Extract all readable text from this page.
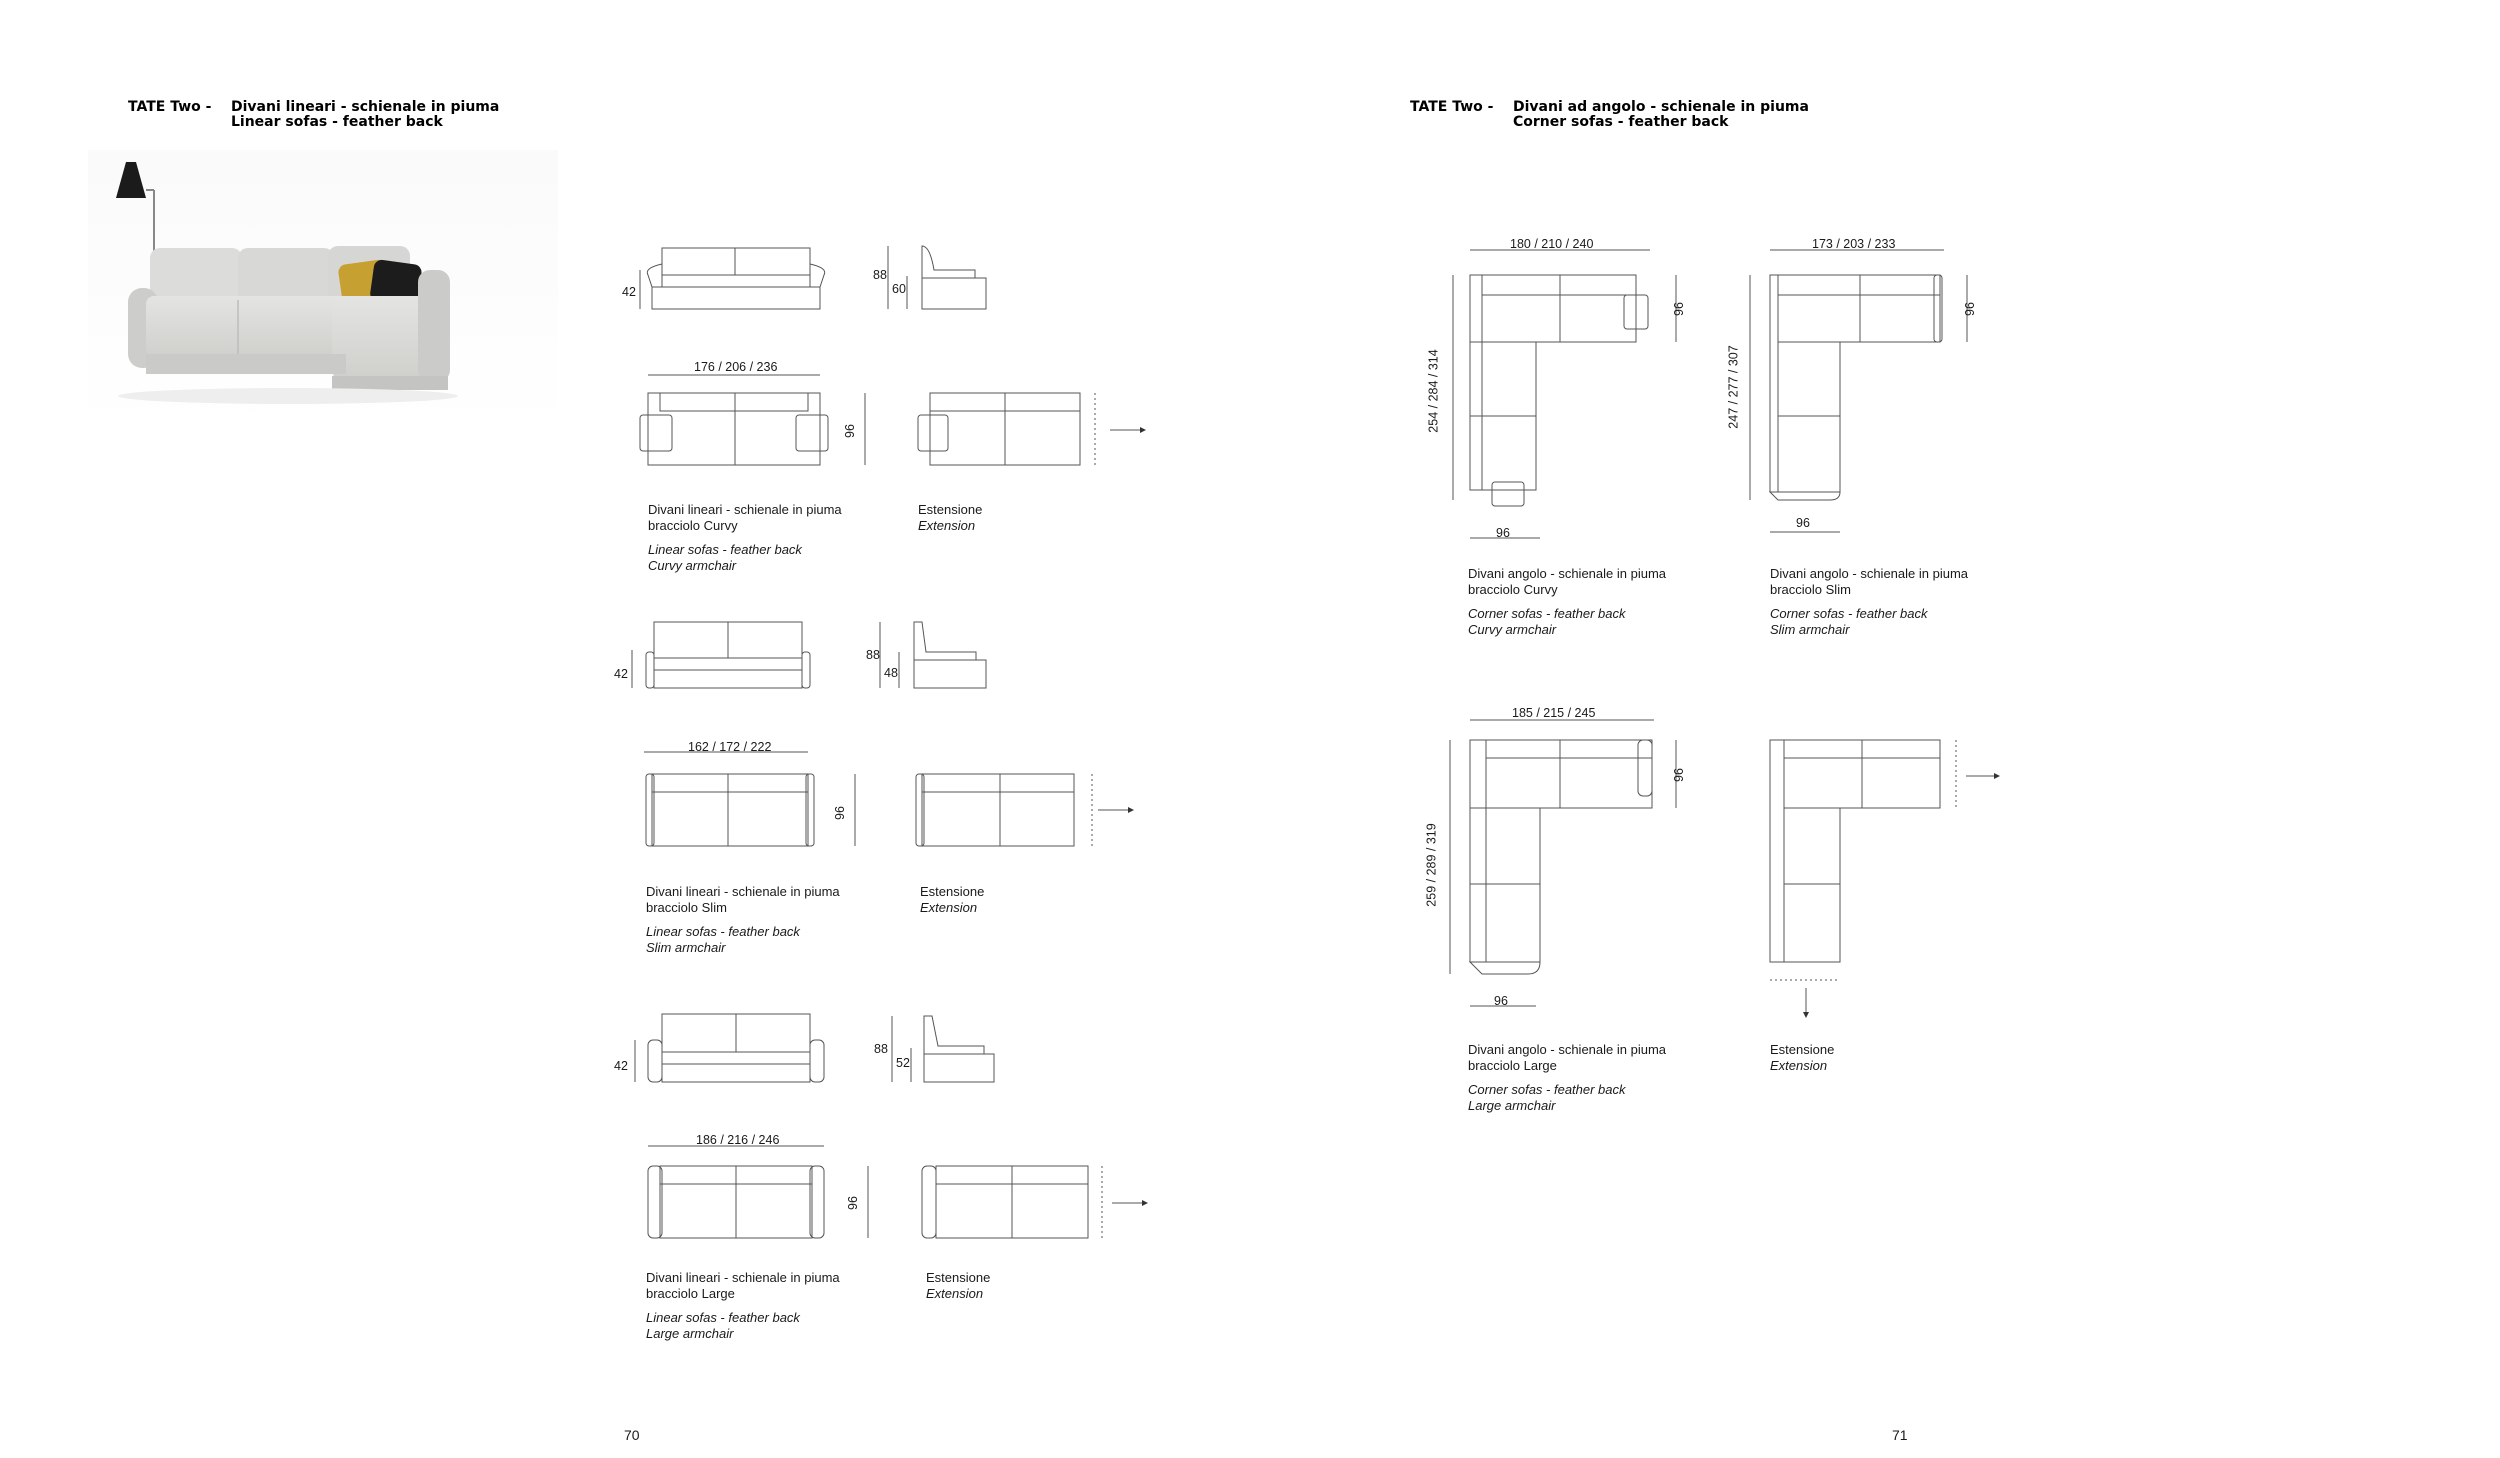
TATE Two - Divani lineari - schienale in piuma
Linear sofas - feather back
TATE Two - Divani ad angolo - schienale in piuma
Corner sofas - feather back
42
88
60
176 / 206 / 236
96
Divani lineari - schienale in piuma
bracciolo Curvy
Linear sofas - feather back
Curvy armchair
Estensione
Extension
42
88
48
162 / 172 / 222
96
Divani lineari - schienale in piuma
bracciolo Slim
Linear sofas - feather back
Slim armchair
Estensione
Extension
42
88
52
186 / 216 / 246
96
Divani lineari - schienale in piuma
bracciolo Large
Linear sofas - feather back
Large armchair
Estensione
Extension
70
180 / 210 / 240
96
254 / 284 / 314
96
Divani angolo - schienale in piuma
bracciolo Curvy
Corner sofas - feather back
Curvy armchair
173 / 203 / 233
96
247 / 277 / 307
96
Divani angolo - schienale in piuma
bracciolo Slim
Corner sofas - feather back
Slim armchair
185 / 215 / 245
96
259 / 289 / 319
96
Divani angolo - schienale in piuma
bracciolo Large
Corner sofas - feather back
Large armchair
Estensione
Extension
71
